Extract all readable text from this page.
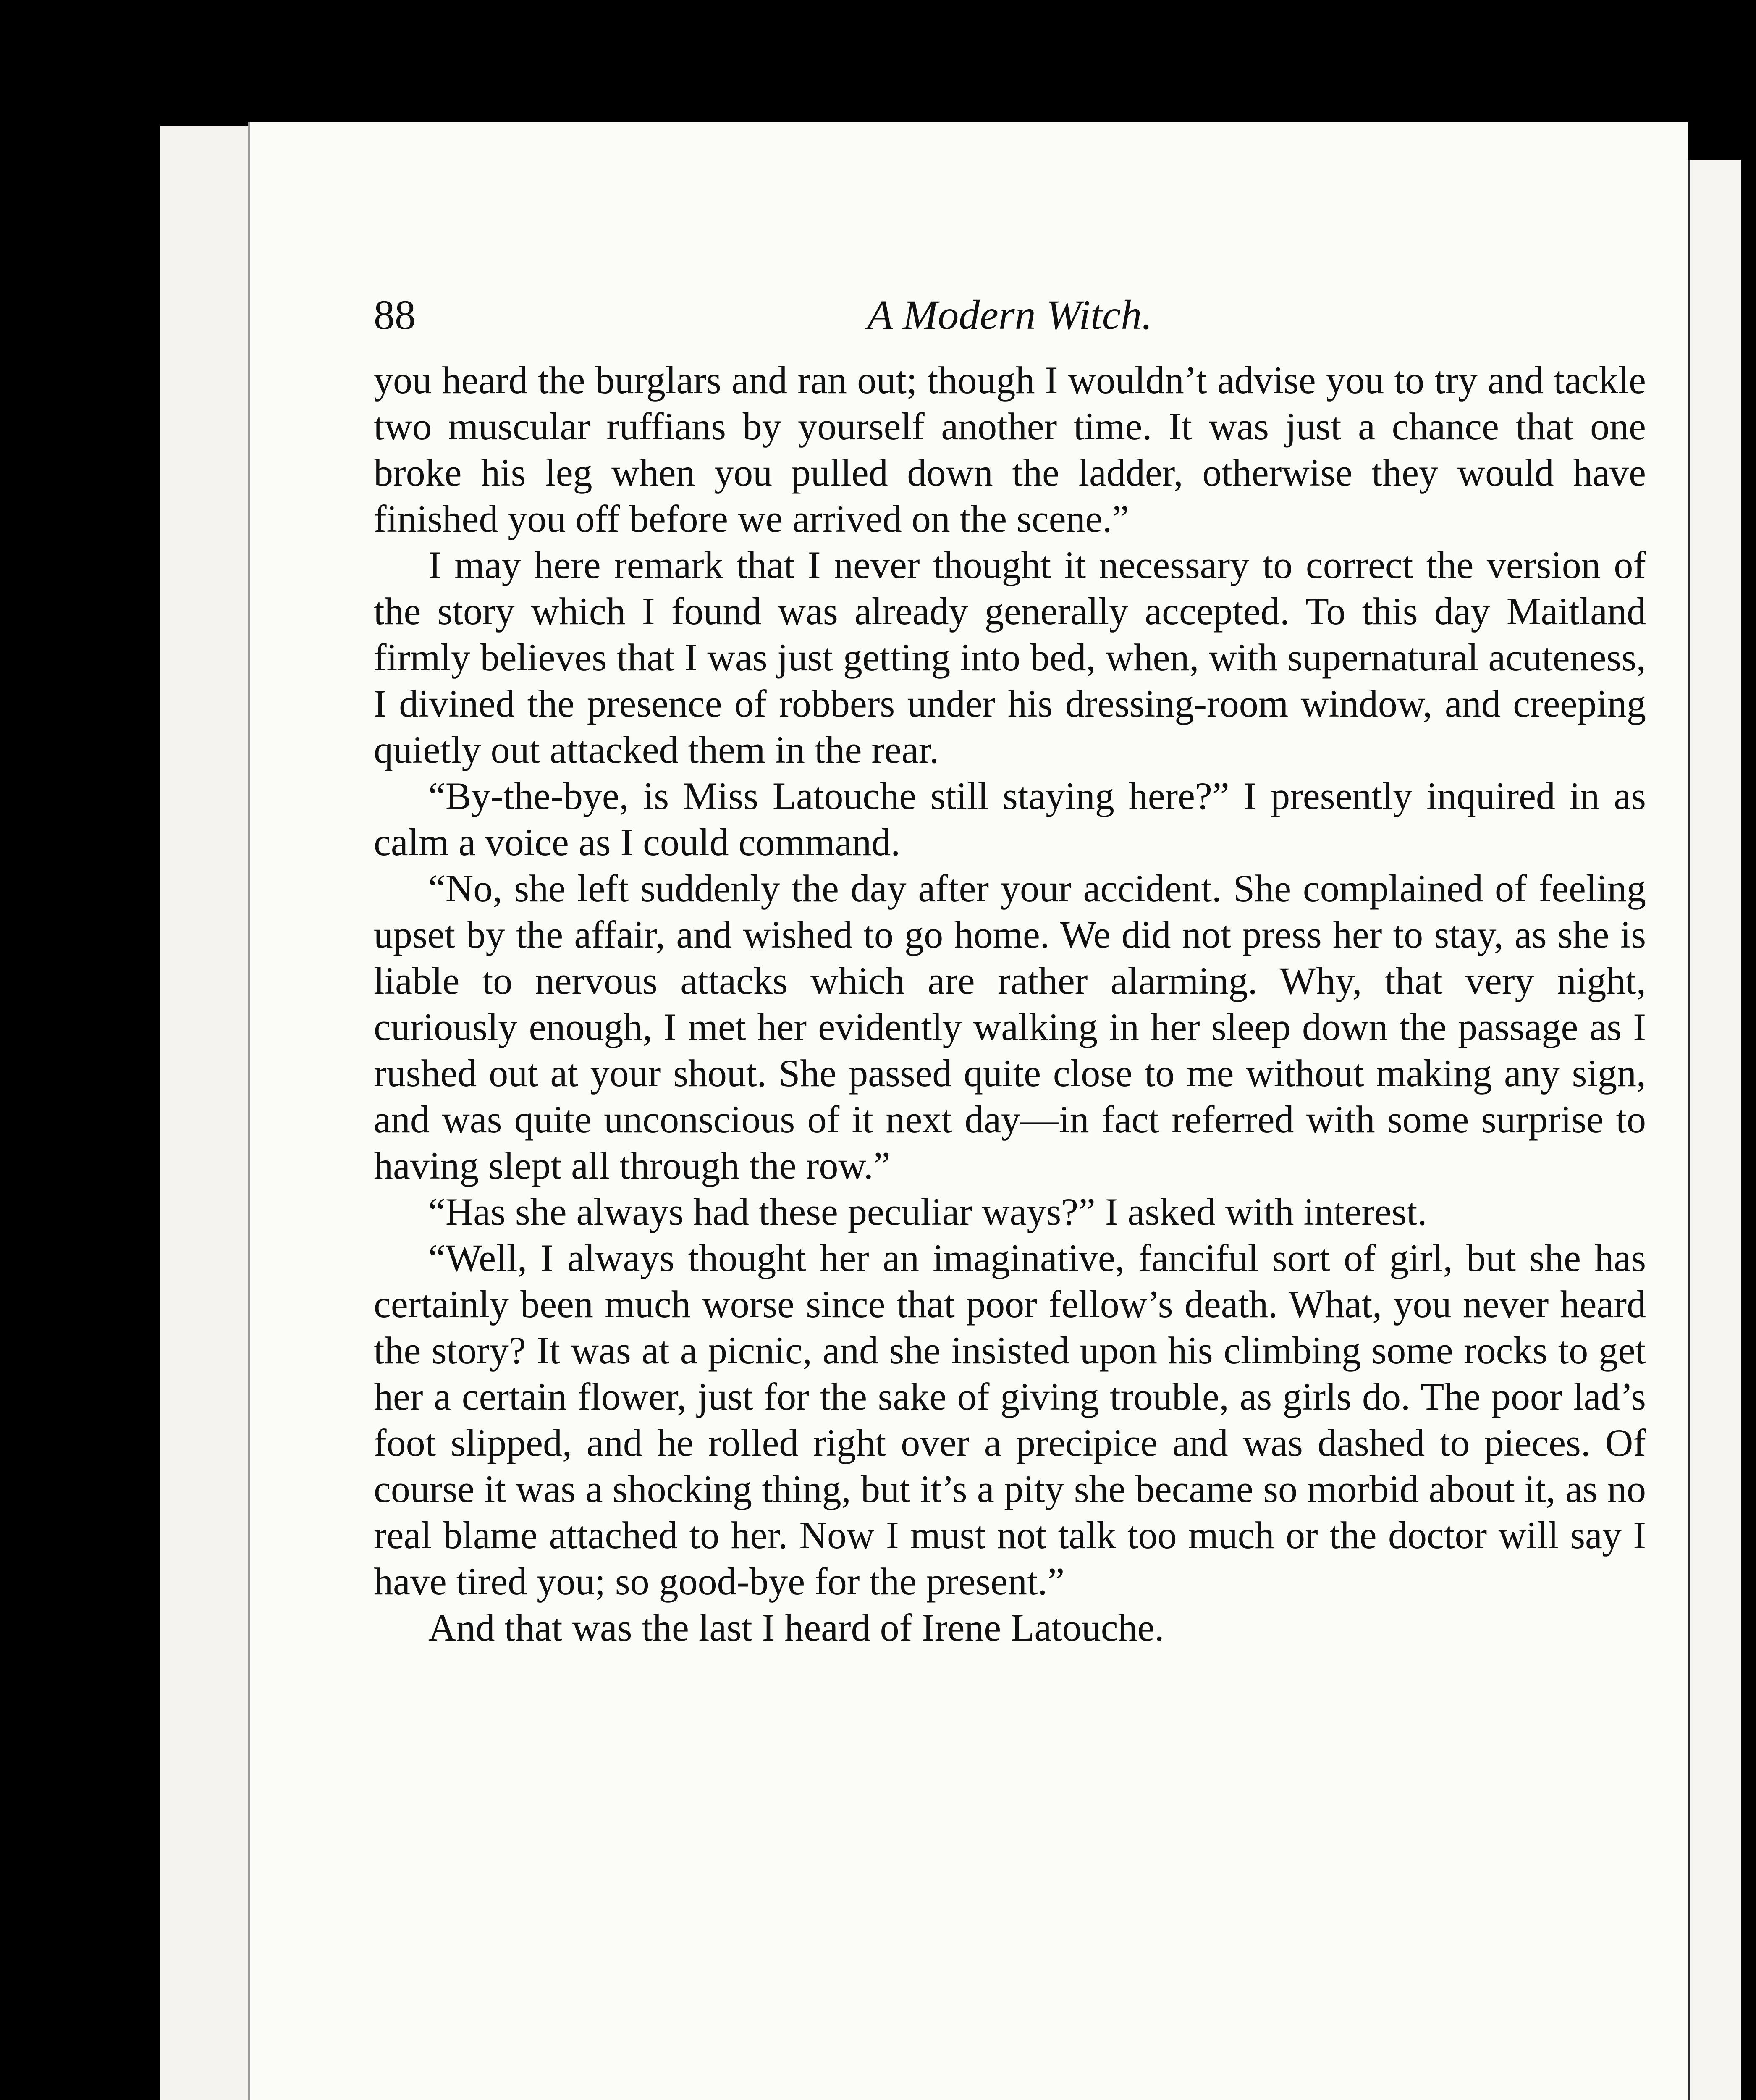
88	A Modern Witch.

you heard the burglars and ran out; though I wouldn’t advise you to try and tackle two muscular ruffians by yourself another time. It was just a chance that one broke his leg when you pulled down the ladder, otherwise they would have finished you off before we arrived on the scene.”

I may here remark that I never thought it necessary to correct the version of the story which I found was already generally accepted. To this day Maitland firmly believes that I was just getting into bed, when, with supernatural acuteness, I divined the presence of robbers under his dressing-room window, and creeping quietly out attacked them in the rear.

“By-the-bye, is Miss Latouche still staying here?” I presently inquired in as calm a voice as I could command.

“No, she left suddenly the day after your accident. She complained of feeling upset by the affair, and wished to go home. We did not press her to stay, as she is liable to nervous attacks which are rather alarming. Why, that very night, curiously enough, I met her evidently walking in her sleep down the passage as I rushed out at your shout. She passed quite close to me without making any sign, and was quite unconscious of it next day—in fact referred with some surprise to having slept all through the row.”

“Has she always had these peculiar ways?” I asked with interest.

“Well, I always thought her an imaginative, fanciful sort of girl, but she has certainly been much worse since that poor fellow’s death. What, you never heard the story? It was at a picnic, and she insisted upon his climbing some rocks to get her a certain flower, just for the sake of giving trouble, as girls do. The poor lad’s foot slipped, and he rolled right over a precipice and was dashed to pieces. Of course it was a shocking thing, but it’s a pity she became so morbid about it, as no real blame attached to her. Now I must not talk too much or the doctor will say I have tired you; so good-bye for the present.”

And that was the last I heard of Irene Latouche.
